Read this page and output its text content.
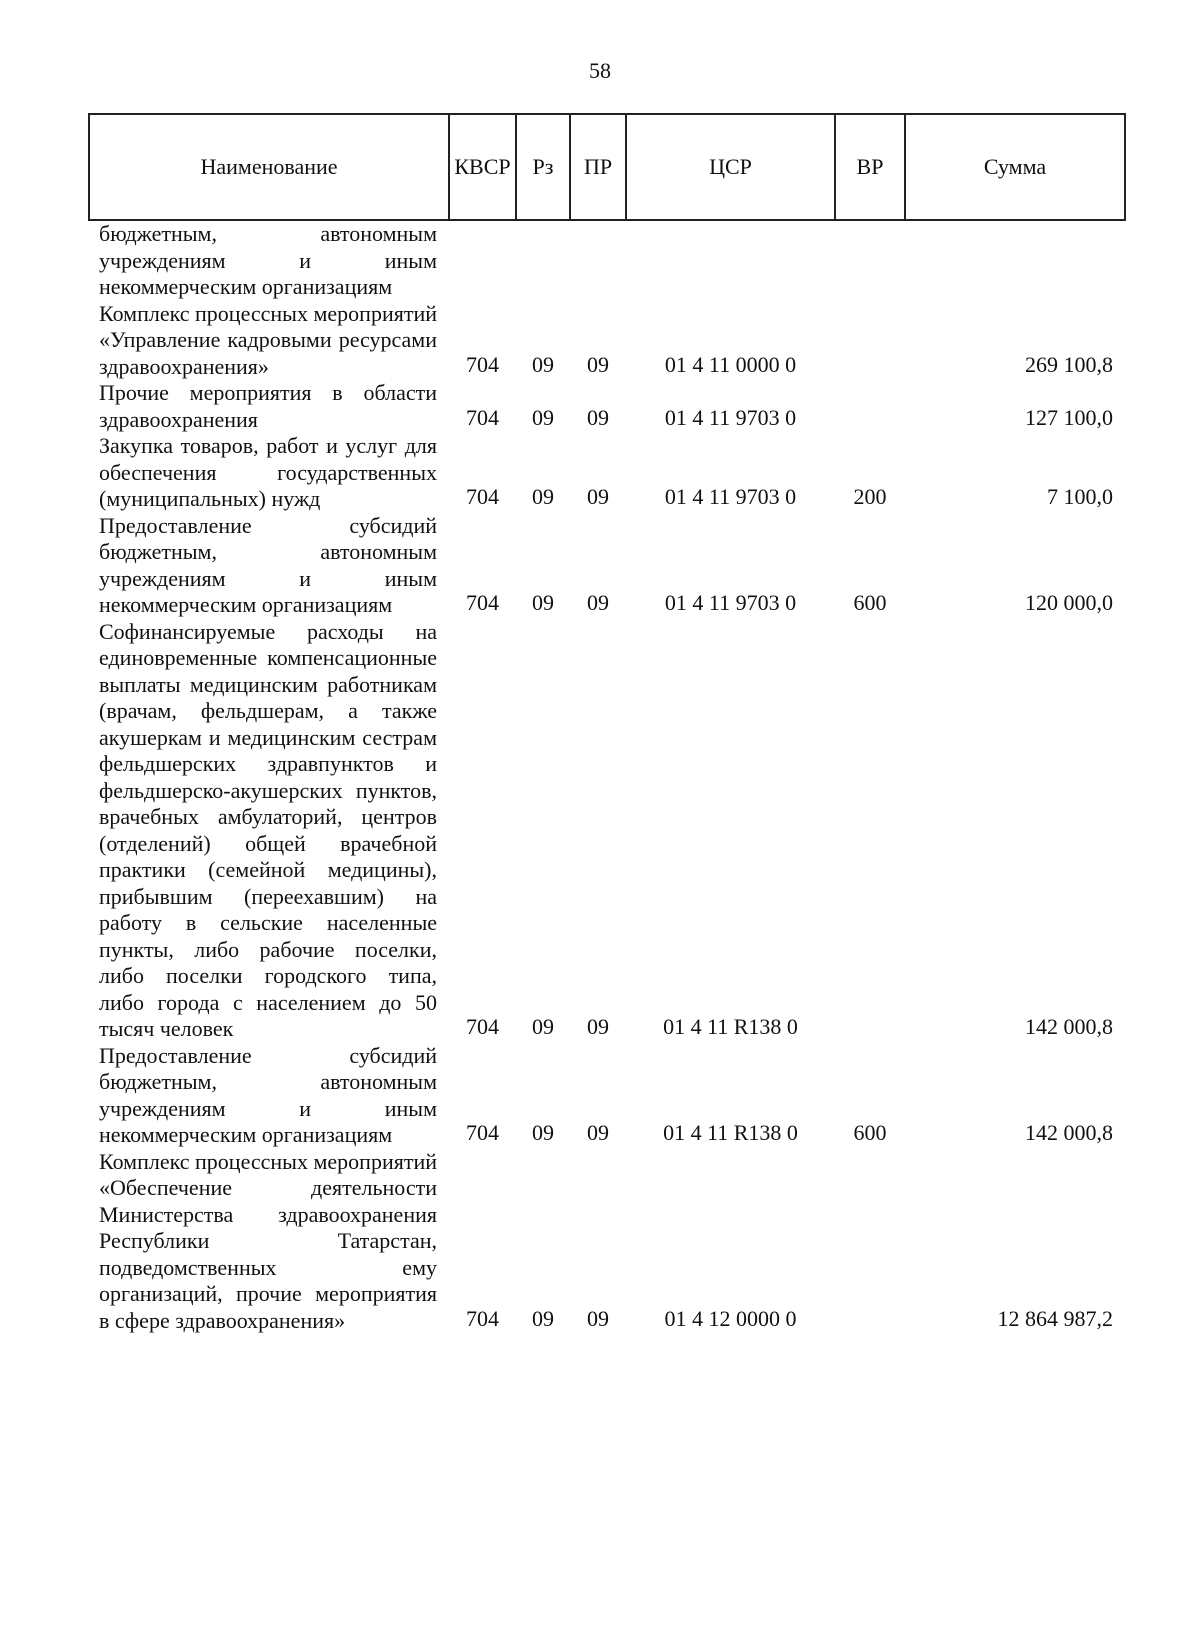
58
Наименование	КВСР	Рз	ПР	ЦСР	ВР	Сумма
бюджетным, автономным учреждениям и иным некоммерческим организациям						
Комплекс процессных мероприятий «Управление кадровыми ресурсами здравоохранения»	704	09	09	01 4 11 0000 0		269 100,8
Прочие мероприятия в области здравоохранения	704	09	09	01 4 11 9703 0		127 100,0
Закупка товаров, работ и услуг для обеспечения государственных (муниципальных) нужд	704	09	09	01 4 11 9703 0	200	7 100,0
Предоставление субсидий бюджетным, автономным учреждениям и иным некоммерческим организациям	704	09	09	01 4 11 9703 0	600	120 000,0
Софинансируемые расходы на единовременные компенсационные выплаты медицинским работникам (врачам, фельдшерам, а также акушеркам и медицинским сестрам фельдшерских здравпунктов и фельдшерско-акушерских пунктов, врачебных амбулаторий, центров (отделений) общей врачебной практики (семейной медицины), прибывшим (переехавшим) на работу в сельские населенные пункты, либо рабочие поселки, либо поселки городского типа, либо города с населением до 50 тысяч человек	704	09	09	01 4 11 R138 0		142 000,8
Предоставление субсидий бюджетным, автономным учреждениям и иным некоммерческим организациям	704	09	09	01 4 11 R138 0	600	142 000,8
Комплекс процессных мероприятий «Обеспечение деятельности Министерства здравоохранения Республики Татарстан, подведомственных ему организаций, прочие мероприятия в сфере здравоохранения»	704	09	09	01 4 12 0000 0		12 864 987,2
